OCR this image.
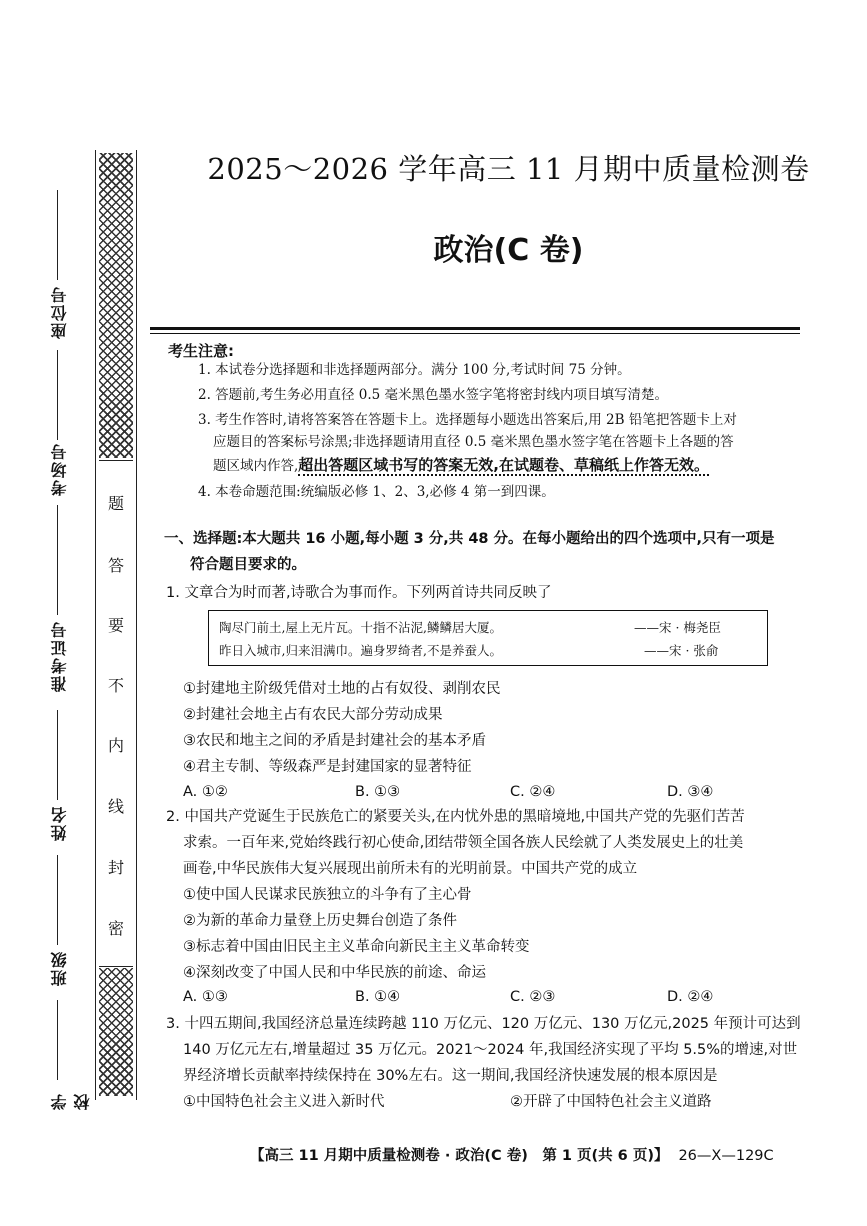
座位号
考场号
准考证号
姓名
班级
学校
题
答
要
不
内
线
封
密
2025～2026 学年高三 11 月期中质量检测卷
政治(C 卷)
考生注意:
1. 本试卷分选择题和非选择题两部分。满分 100 分,考试时间 75 分钟。
2. 答题前,考生务必用直径 0.5 毫米黑色墨水签字笔将密封线内项目填写清楚。
3. 考生作答时,请将答案答在答题卡上。选择题每小题选出答案后,用 2B 铅笔把答题卡上对
应题目的答案标号涂黑;非选择题请用直径 0.5 毫米黑色墨水签字笔在答题卡上各题的答
题区域内作答,超出答题区域书写的答案无效,在试题卷、草稿纸上作答无效。
4. 本卷命题范围:统编版必修 1、2、3,必修 4 第一到四课。
一、选择题:本大题共 16 小题,每小题 3 分,共 48 分。在每小题给出的四个选项中,只有一项是
符合题目要求的。
1. 文章合为时而著,诗歌合为事而作。下列两首诗共同反映了
陶尽门前土,屋上无片瓦。十指不沾泥,鳞鳞居大厦。	——宋 · 梅尧臣
昨日入城市,归来泪满巾。遍身罗绮者,不是养蚕人。	——宋 · 张俞
①封建地主阶级凭借对土地的占有奴役、剥削农民
②封建社会地主占有农民大部分劳动成果
③农民和地主之间的矛盾是封建社会的基本矛盾
④君主专制、等级森严是封建国家的显著特征
A. ①②	B. ①③	C. ②④	D. ③④
2. 中国共产党诞生于民族危亡的紧要关头,在内忧外患的黑暗境地,中国共产党的先驱们苦苦
求索。一百年来,党始终践行初心使命,团结带领全国各族人民绘就了人类发展史上的壮美
画卷,中华民族伟大复兴展现出前所未有的光明前景。中国共产党的成立
①使中国人民谋求民族独立的斗争有了主心骨
②为新的革命力量登上历史舞台创造了条件
③标志着中国由旧民主主义革命向新民主主义革命转变
④深刻改变了中国人民和中华民族的前途、命运
A. ①③	B. ①④	C. ②③	D. ②④
3. 十四五期间,我国经济总量连续跨越 110 万亿元、120 万亿元、130 万亿元,2025 年预计可达到
140 万亿元左右,增量超过 35 万亿元。2021～2024 年,我国经济实现了平均 5.5%的增速,对世
界经济增长贡献率持续保持在 30%左右。这一期间,我国经济快速发展的根本原因是
①中国特色社会主义进入新时代	②开辟了中国特色社会主义道路
【高三 11 月期中质量检测卷 · 政治(C 卷)　第 1 页(共 6 页)】 26—X—129C
